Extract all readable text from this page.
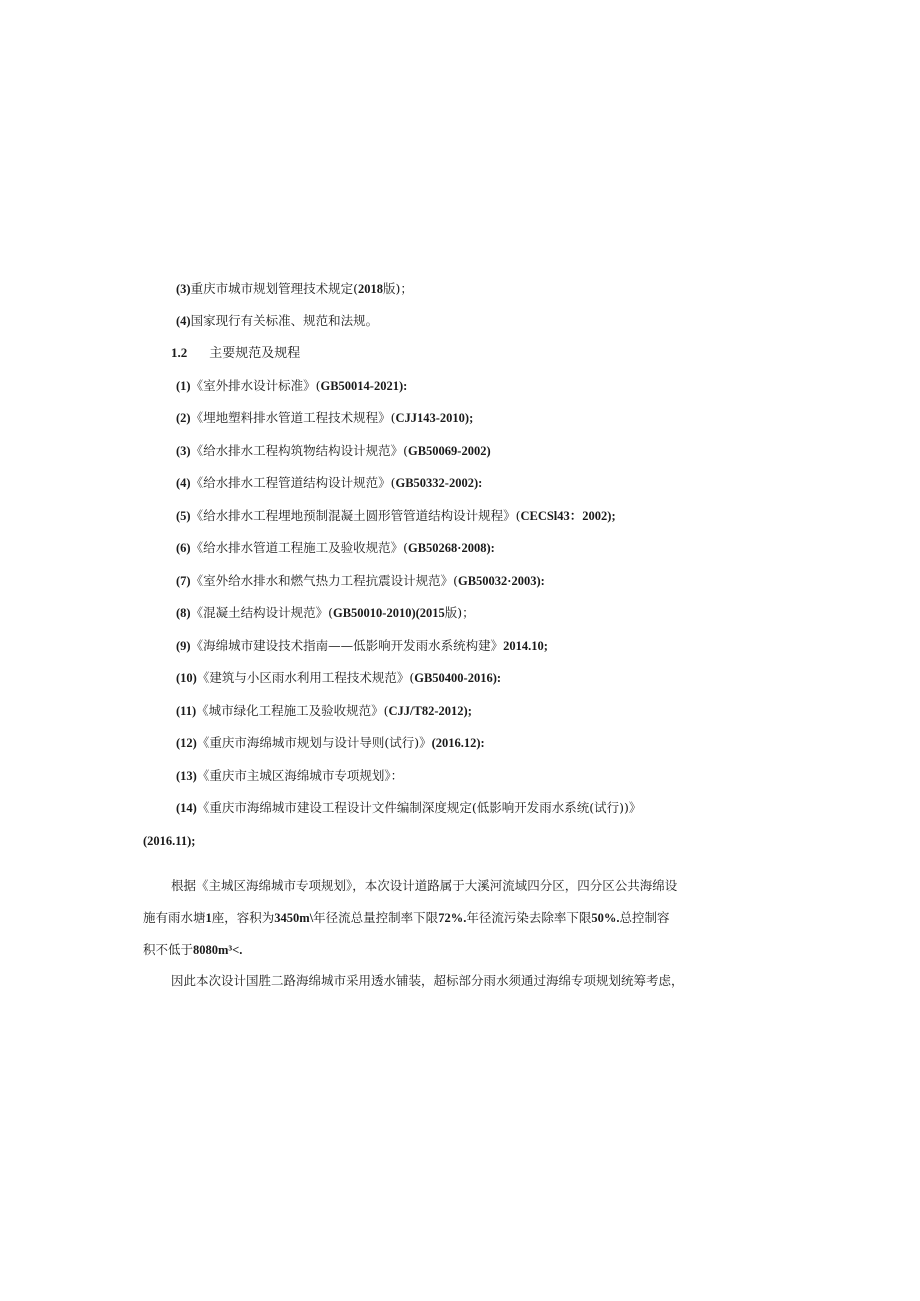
(3)重庆市城市规划管理技术规定(2018版)；
(4)国家现行有关标准、规范和法规。
1.2 主要规范及规程
(1)《室外排水设计标准》(GB50014-2021):
(2)《埋地塑料排水管道工程技术规程》(CJJ143-2010);
(3)《给水排水工程构筑物结构设计规范》(GB50069-2002)
(4)《给水排水工程管道结构设计规范》(GB50332-2002):
(5)《给水排水工程埋地预制混凝土圆形管管道结构设计规程》(CECSl43：2002);
(6)《给水排水管道工程施工及验收规范》(GB50268·2008):
(7)《室外给水排水和燃气热力工程抗震设计规范》(GB50032·2003):
(8)《混凝土结构设计规范》(GB50010-2010)(2015版)；
(9)《海绵城市建设技术指南——低影响开发雨水系统构建》2014.10;
(10)《建筑与小区雨水利用工程技术规范》(GB50400-2016):
(11)《城市绿化工程施工及验收规范》(CJJ/T82-2012);
(12)《重庆市海绵城市规划与设计导则(试行)》(2016.12):
(13)《重庆市主城区海绵城市专项规划》：
(14)《重庆市海绵城市建设工程设计文件编制深度规定(低影响开发雨水系统(试行))》
(2016.11);
根据《主城区海绵城市专项规划》，本次设计道路属于大溪河流域四分区，四分区公共海绵设
施有雨水塘1座，容积为3450m\年径流总量控制率下限72%.年径流污染去除率下限50%.总控制容
积不低于8080m³<.
因此本次设计国胜二路海绵城市采用透水铺装，超标部分雨水须通过海绵专项规划统筹考虑，
